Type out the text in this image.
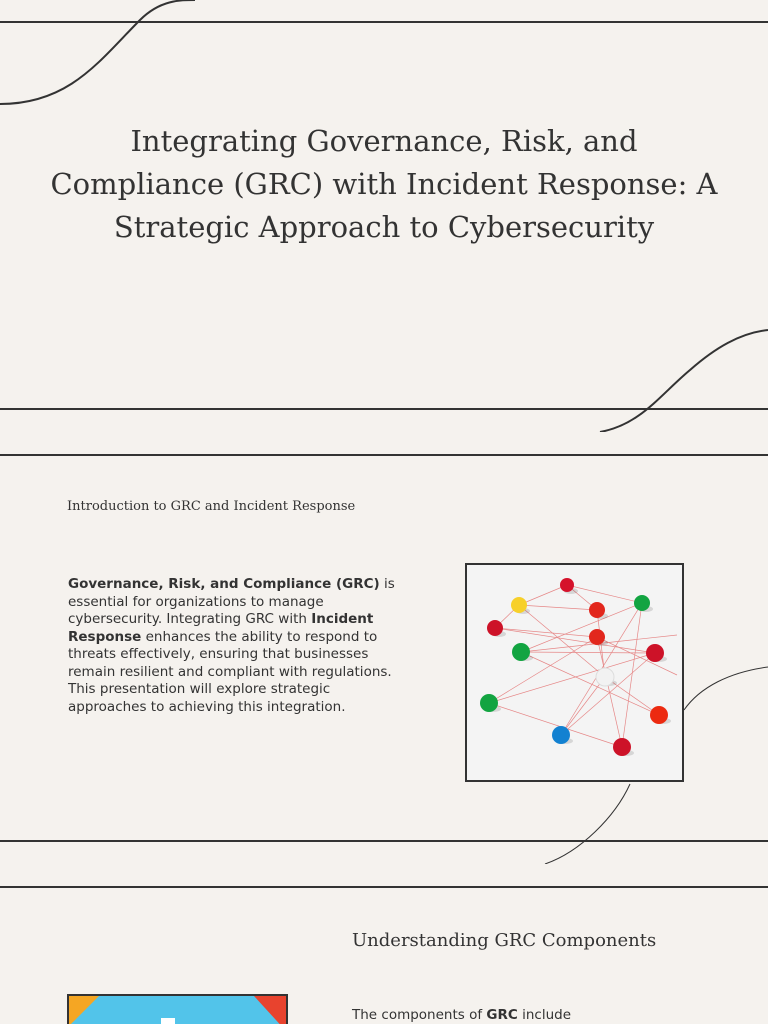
Integrating Governance, Risk, and Compliance (GRC) with Incident Response: A Strategic Approach to Cybersecurity
Introduction to GRC and Incident Response

Governance, Risk, and Compliance (GRC) is essential for organizations to manage cybersecurity. Integrating GRC with Incident Response enhances the ability to respond to threats effectively, ensuring that businesses remain resilient and compliant with regulations. This presentation will explore strategic approaches to achieving this integration.

Understanding GRC Components

The components of GRC include
